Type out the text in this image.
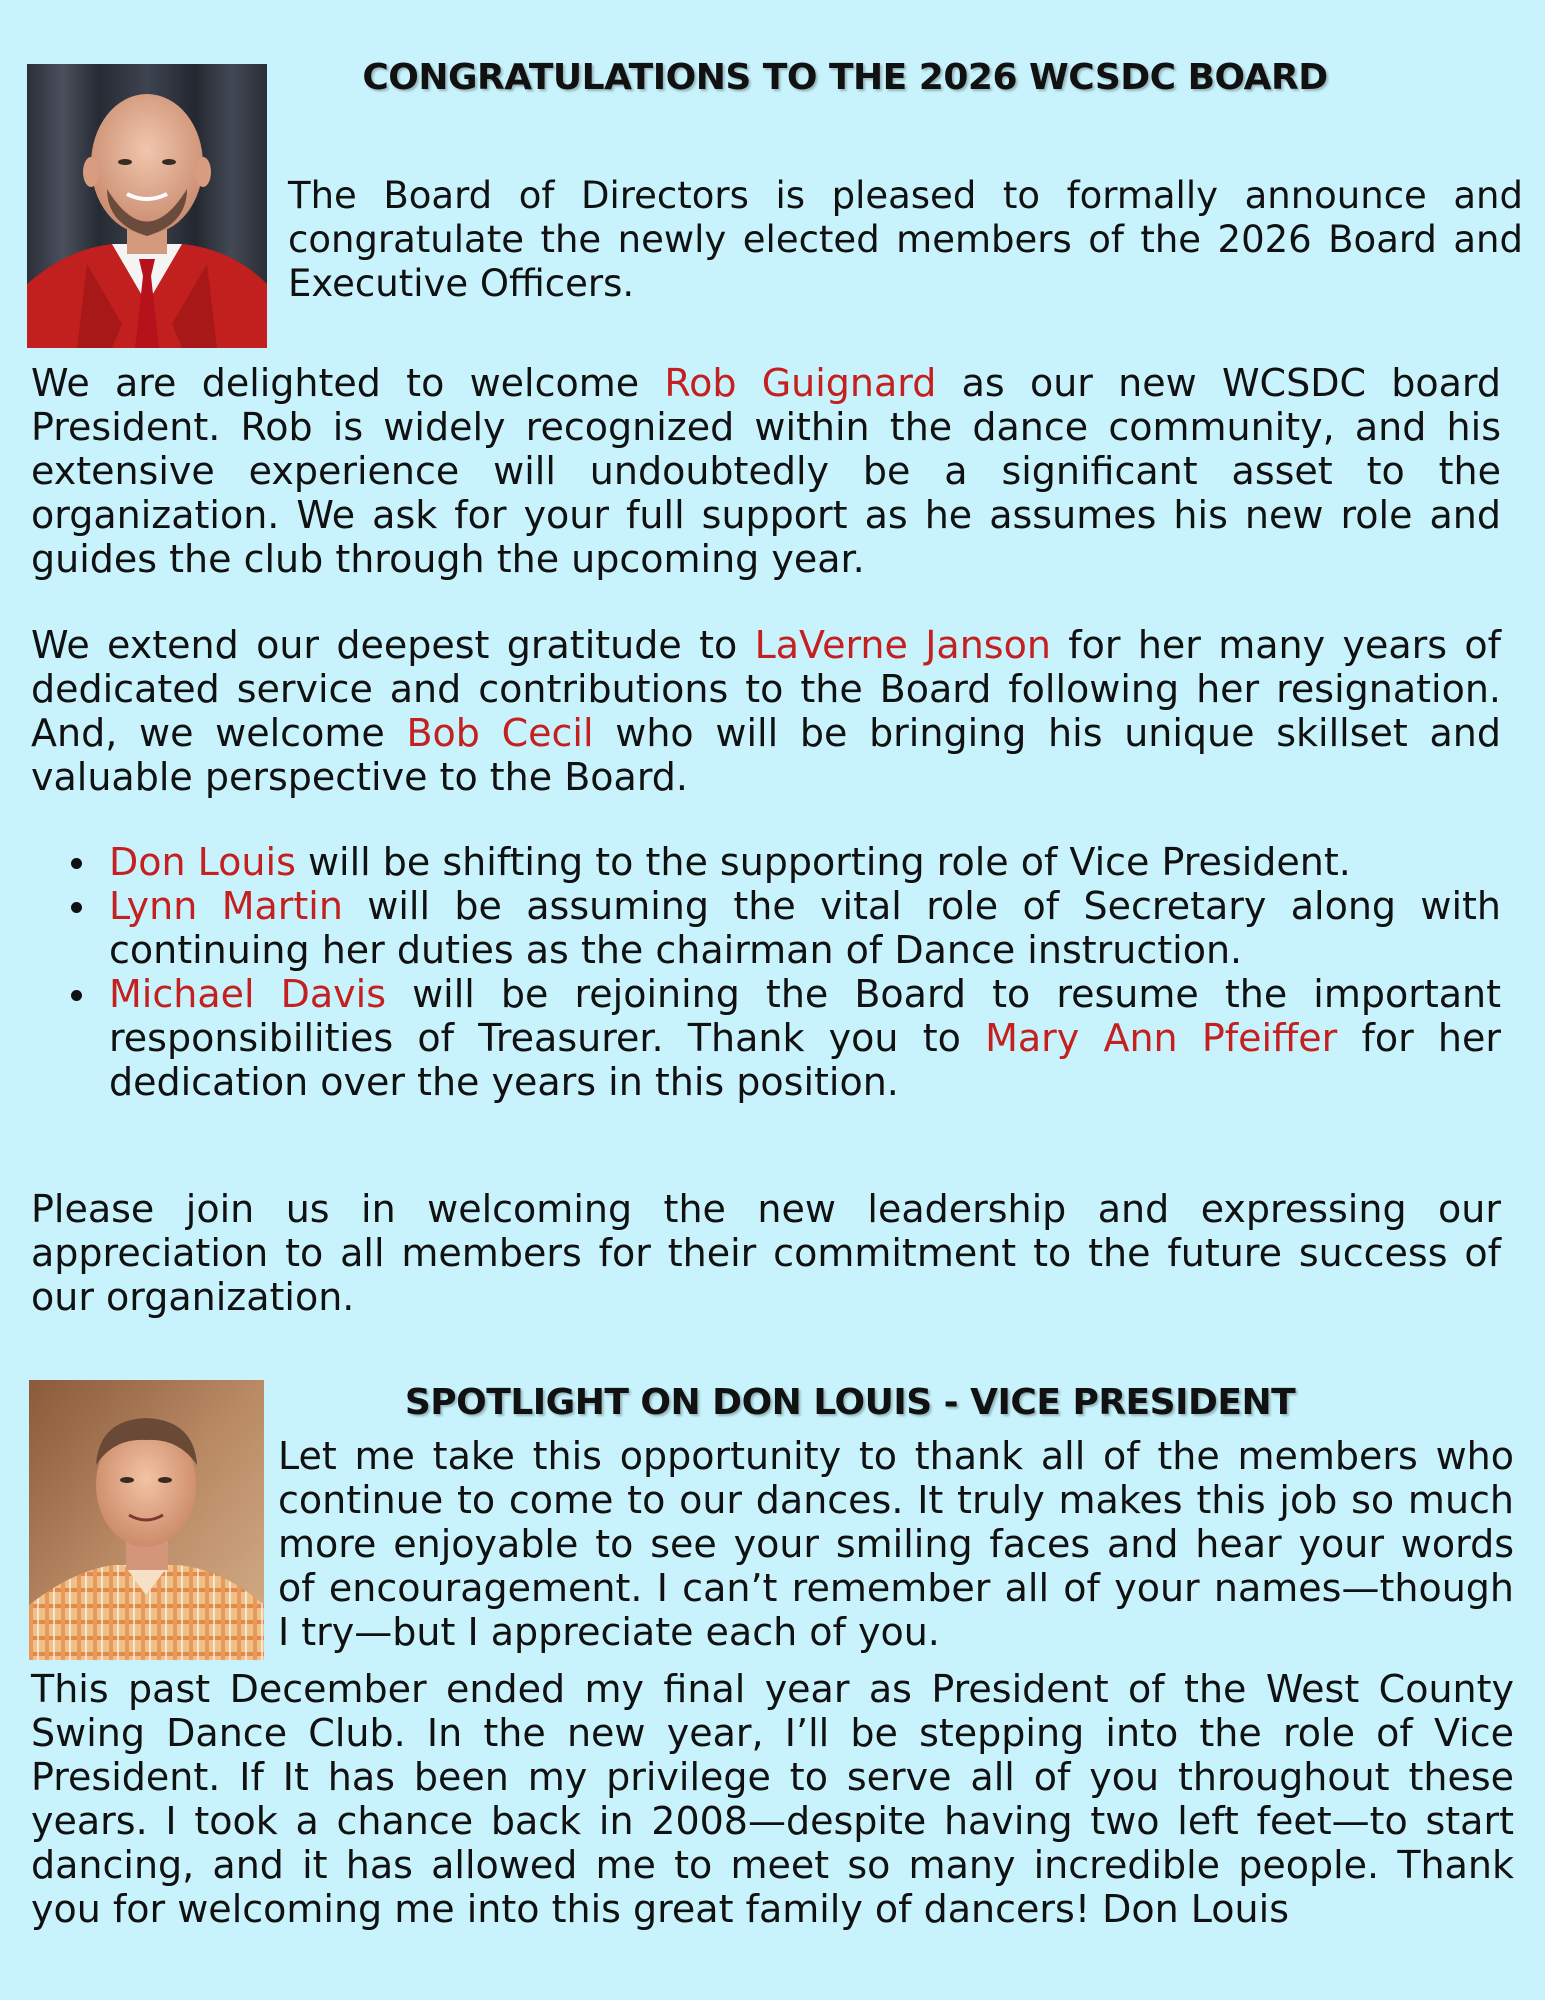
CONGRATULATIONS TO THE 2026 WCSDC BOARD

The Board of Directors is pleased to formally announce and congratulate the newly elected members of the 2026 Board and Executive Officers.

We are delighted to welcome Rob Guignard as our new WCSDC board President. Rob is widely recognized within the dance community, and his extensive experience will undoubtedly be a significant asset to the organization. We ask for your full support as he assumes his new role and guides the club through the upcoming year.

We extend our deepest gratitude to LaVerne Janson for her many years of dedicated service and contributions to the Board following her resignation. And, we welcome Bob Cecil who will be bringing his unique skillset and valuable perspective to the Board.

Don Louis will be shifting to the supporting role of Vice President.
Lynn Martin will be assuming the vital role of Secretary along with continuing her duties as the chairman of Dance instruction.
Michael Davis will be rejoining the Board to resume the important responsibilities of Treasurer. Thank you to Mary Ann Pfeiffer for her dedication over the years in this position.

Please join us in welcoming the new leadership and expressing our appreciation to all members for their commitment to the future success of our organization.

SPOTLIGHT ON DON LOUIS - VICE PRESIDENT

Let me take this opportunity to thank all of the members who continue to come to our dances. It truly makes this job so much more enjoyable to see your smiling faces and hear your words of encouragement. I can’t remember all of your names—though I try—but I appreciate each of you.

This past December ended my final year as President of the West County Swing Dance Club. In the new year, I’ll be stepping into the role of Vice President. If It has been my privilege to serve all of you throughout these years. I took a chance back in 2008—despite having two left feet—to start dancing, and it has allowed me to meet so many incredible people. Thank you for welcoming me into this great family of dancers! Don Louis
